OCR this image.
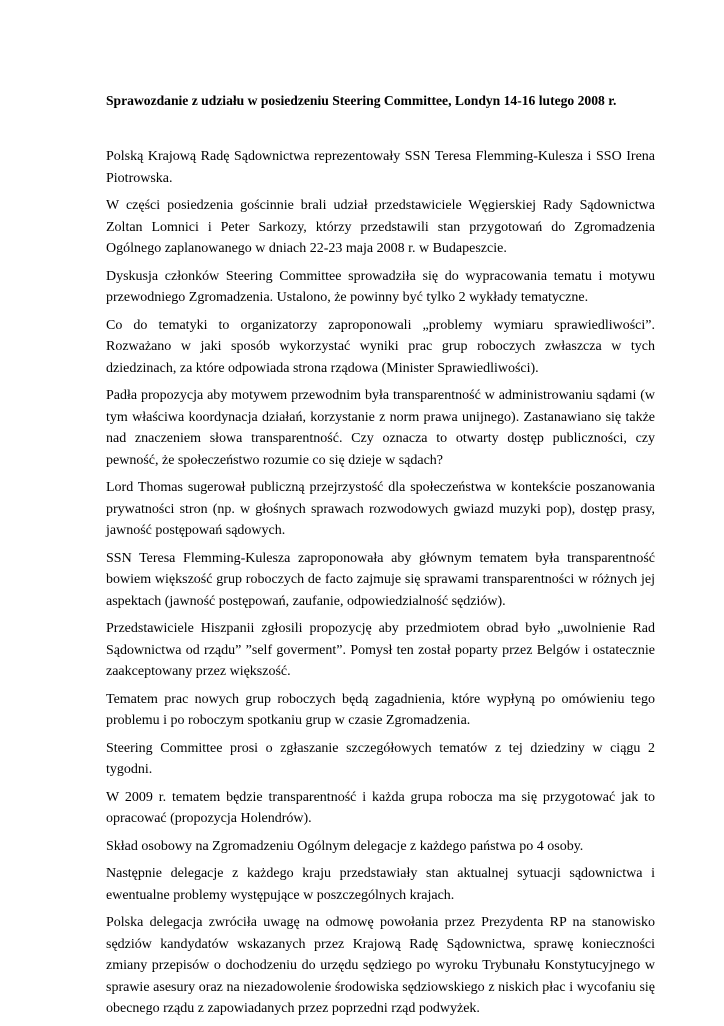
Sprawozdanie z udziału w posiedzeniu Steering Committee, Londyn 14-16 lutego 2008 r.

Polską Krajową Radę Sądownictwa reprezentowały SSN Teresa Flemming-Kulesza i SSO Irena Piotrowska.

W części posiedzenia gościnnie brali udział przedstawiciele Węgierskiej Rady Sądownictwa Zoltan Lomnici i Peter Sarkozy, którzy przedstawili stan przygotowań do Zgromadzenia Ogólnego zaplanowanego w dniach 22-23 maja 2008 r. w Budapeszcie.

Dyskusja członków Steering Committee sprowadziła się do wypracowania tematu i motywu przewodniego Zgromadzenia. Ustalono, że powinny być tylko 2 wykłady tematyczne.

Co do tematyki to organizatorzy zaproponowali „problemy wymiaru sprawiedliwości”. Rozważano w jaki sposób wykorzystać wyniki prac grup roboczych zwłaszcza w tych dziedzinach, za które odpowiada strona rządowa (Minister Sprawiedliwości).

Padła propozycja aby motywem przewodnim była transparentność w administrowaniu sądami (w tym właściwa koordynacja działań, korzystanie z norm prawa unijnego). Zastanawiano się także nad znaczeniem słowa transparentność. Czy oznacza to otwarty dostęp publiczności, czy pewność, że społeczeństwo rozumie co się dzieje w sądach?

Lord Thomas sugerował publiczną przejrzystość dla społeczeństwa w kontekście poszanowania prywatności stron (np. w głośnych sprawach rozwodowych gwiazd muzyki pop), dostęp prasy, jawność postępowań sądowych.

SSN Teresa Flemming-Kulesza zaproponowała aby głównym tematem była transparentność bowiem większość grup roboczych de facto zajmuje się sprawami transparentności w różnych jej aspektach (jawność postępowań, zaufanie, odpowiedzialność sędziów).

Przedstawiciele Hiszpanii zgłosili propozycję aby przedmiotem obrad było „uwolnienie Rad Sądownictwa od rządu” ”self goverment”. Pomysł ten został poparty przez Belgów i ostatecznie zaakceptowany przez większość.

Tematem prac nowych grup roboczych będą zagadnienia, które wypłyną po omówieniu tego problemu i po roboczym spotkaniu grup w czasie Zgromadzenia.

Steering Committee prosi o zgłaszanie szczegółowych tematów z tej dziedziny w ciągu 2 tygodni.

W 2009 r. tematem będzie transparentność i każda grupa robocza ma się przygotować jak to opracować (propozycja Holendrów).

Skład osobowy na Zgromadzeniu Ogólnym delegacje z każdego państwa po 4 osoby.

Następnie delegacje z każdego kraju przedstawiały stan aktualnej sytuacji sądownictwa i ewentualne problemy występujące w poszczególnych krajach.

Polska delegacja zwróciła uwagę na odmowę powołania przez Prezydenta RP na stanowisko sędziów kandydatów wskazanych przez Krajową Radę Sądownictwa, sprawę konieczności zmiany przepisów o dochodzeniu do urzędu sędziego po wyroku Trybunału Konstytucyjnego w sprawie asesury oraz na niezadowolenie środowiska sędziowskiego z niskich płac i wycofaniu się obecnego rządu z zapowiadanych przez poprzedni rząd podwyżek.
